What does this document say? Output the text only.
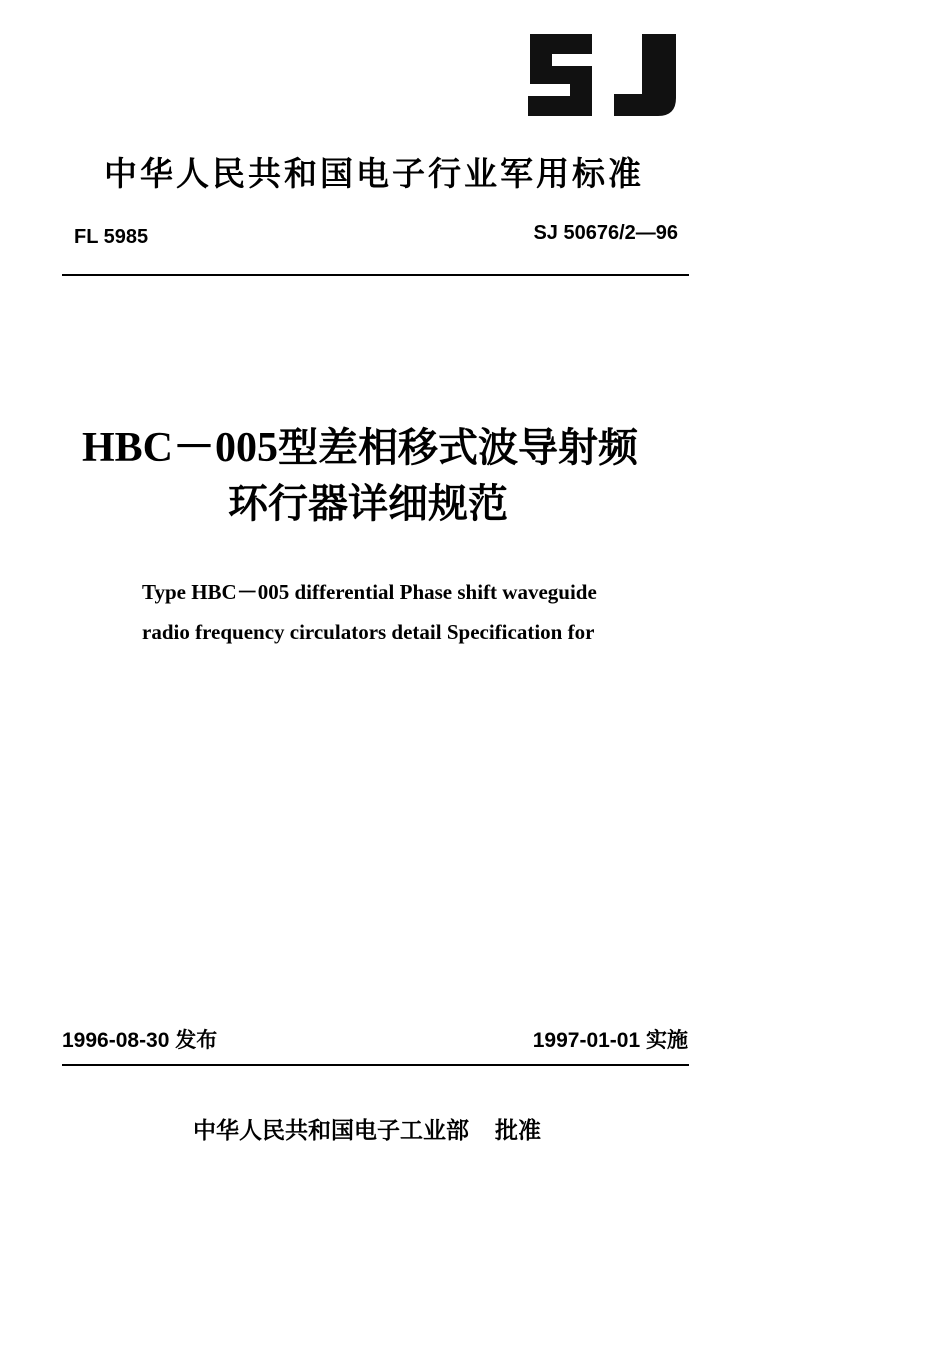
中华人民共和国电子行业军用标准
FL 5985	SJ 50676/2—96
HBC－005型差相移式波导射频
环行器详细规范
Type HBC－005 differential Phase shift waveguide
radio frequency circulators detail Specification for
1996-08-30 发布	1997-01-01 实施
中华人民共和国电子工业部 批准
